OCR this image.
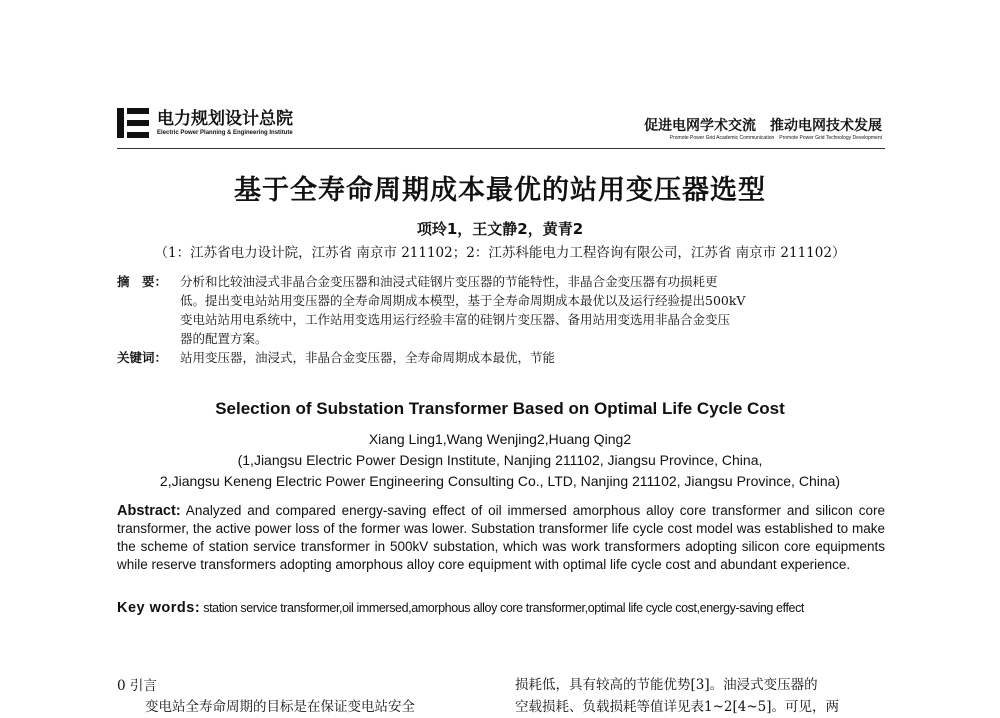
电力规划设计总院
Electric Power Planning & Engineering Institute	促进电网学术交流　推动电网技术发展
Promote Power Grid Academic Communication　Promote Power Grid Technology Development
基于全寿命周期成本最优的站用变压器选型
项玲1，王文静2，黄青2
（1：江苏省电力设计院，江苏省 南京市 211102；2：江苏科能电力工程咨询有限公司，江苏省 南京市 211102）
摘　要：	分析和比较油浸式非晶合金变压器和油浸式硅钢片变压器的节能特性，非晶合金变压器有功损耗更
低。提出变电站站用变压器的全寿命周期成本模型，基于全寿命周期成本最优以及运行经验提出500kV
变电站站用电系统中，工作站用变选用运行经验丰富的硅钢片变压器、备用站用变选用非晶合金变压
器的配置方案。
关键词：	站用变压器，油浸式，非晶合金变压器，全寿命周期成本最优，节能
Selection of Substation Transformer Based on Optimal Life Cycle Cost
Xiang Ling1,Wang Wenjing2,Huang Qing2
(1,Jiangsu Electric Power Design Institute, Nanjing 211102, Jiangsu Province, China,
2,Jiangsu Keneng Electric Power Engineering Consulting Co., LTD, Nanjing 211102, Jiangsu Province, China)
Abstract: Analyzed and compared energy-saving effect of oil immersed amorphous alloy core transformer and silicon core transformer, the active power loss of the former was lower. Substation transformer life cycle cost model was established to make the scheme of station service transformer in 500kV substation, which was work transformers adopting silicon core equipments while reserve transformers adopting amorphous alloy core equipment with optimal life cycle cost and abundant experience.
Key words: station service transformer,oil immersed,amorphous alloy core transformer,optimal life cycle cost,energy-saving effect
0 引言
变电站全寿命周期的目标是在保证变电站安全
损耗低，具有较高的节能优势[3]。油浸式变压器的
空载损耗、负载损耗等值详见表1~2[4~5]。可见，两
